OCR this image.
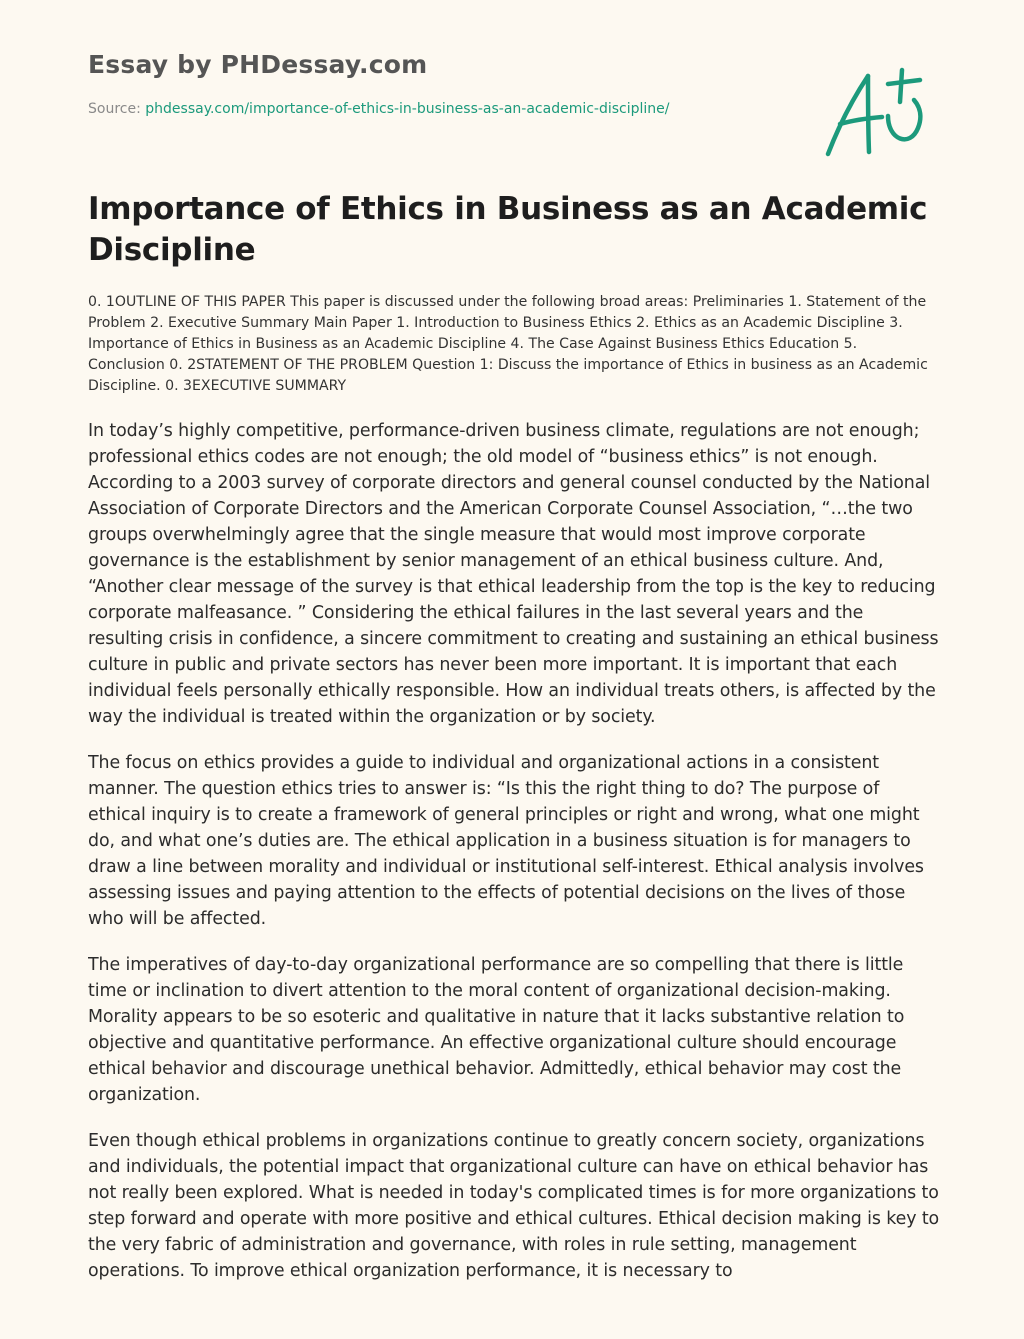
Essay by PHDessay.com
Source: phdessay.com/importance-of-ethics-in-business-as-an-academic-discipline/
Importance of Ethics in Business as an Academic Discipline

0. 1OUTLINE OF THIS PAPER This paper is discussed under the following broad areas: Preliminaries 1. Statement of the Problem 2. Executive Summary Main Paper 1. Introduction to Business Ethics 2. Ethics as an Academic Discipline 3. Importance of Ethics in Business as an Academic Discipline 4. The Case Against Business Ethics Education 5. Conclusion 0. 2STATEMENT OF THE PROBLEM Question 1: Discuss the importance of Ethics in business as an Academic Discipline. 0. 3EXECUTIVE SUMMARY

In today’s highly competitive, performance-driven business climate, regulations are not enough; professional ethics codes are not enough; the old model of “business ethics” is not enough. According to a 2003 survey of corporate directors and general counsel conducted by the National Association of Corporate Directors and the American Corporate Counsel Association, “…the two groups overwhelmingly agree that the single measure that would most improve corporate governance is the establishment by senior management of an ethical business culture. And, “Another clear message of the survey is that ethical leadership from the top is the key to reducing corporate malfeasance. ” Considering the ethical failures in the last several years and the resulting crisis in confidence, a sincere commitment to creating and sustaining an ethical business culture in public and private sectors has never been more important. It is important that each individual feels personally ethically responsible. How an individual treats others, is affected by the way the individual is treated within the organization or by society.

The focus on ethics provides a guide to individual and organizational actions in a consistent manner. The question ethics tries to answer is: “Is this the right thing to do? The purpose of ethical inquiry is to create a framework of general principles or right and wrong, what one might do, and what one’s duties are. The ethical application in a business situation is for managers to draw a line between morality and individual or institutional self-interest. Ethical analysis involves assessing issues and paying attention to the effects of potential decisions on the lives of those who will be affected.

The imperatives of day-to-day organizational performance are so compelling that there is little time or inclination to divert attention to the moral content of organizational decision-making. Morality appears to be so esoteric and qualitative in nature that it lacks substantive relation to objective and quantitative performance. An effective organizational culture should encourage ethical behavior and discourage unethical behavior. Admittedly, ethical behavior may cost the organization.

Even though ethical problems in organizations continue to greatly concern society, organizations and individuals, the potential impact that organizational culture can have on ethical behavior has not really been explored. What is needed in today's complicated times is for more organizations to step forward and operate with more positive and ethical cultures. Ethical decision making is key to the very fabric of administration and governance, with roles in rule setting, management operations. To improve ethical organization performance, it is necessary to
